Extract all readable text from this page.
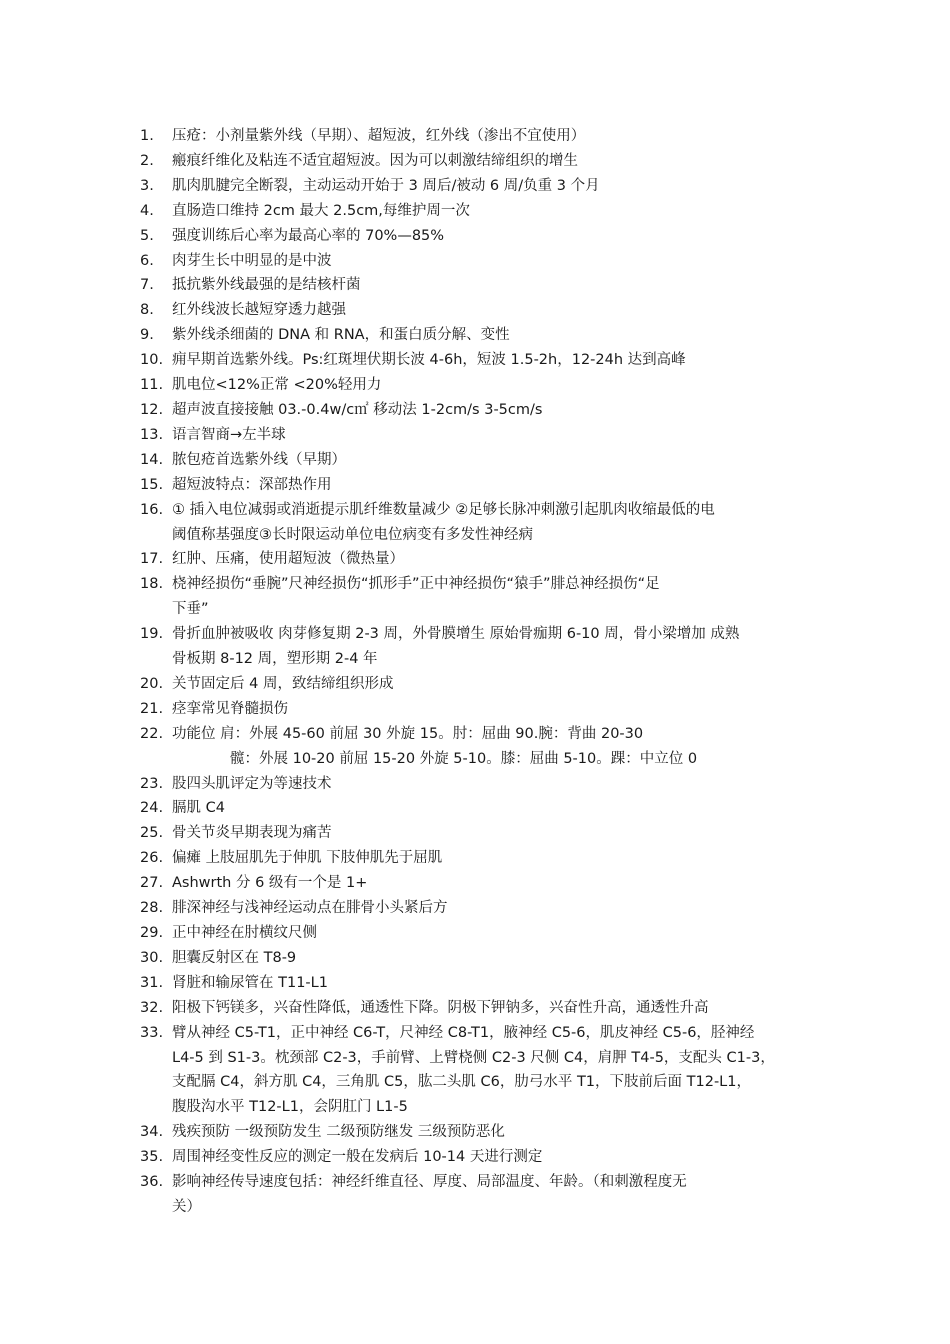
1.	压疮：小剂量紫外线（早期）、超短波，红外线（渗出不宜使用）
2.	瘢痕纤维化及粘连不适宜超短波。因为可以刺激结缔组织的增生
3.	肌肉肌腱完全断裂，主动运动开始于 3 周后/被动 6 周/负重 3 个月
4.	直肠造口维持 2cm 最大 2.5cm,每维护周一次
5.	强度训练后心率为最高心率的 70%—85%
6.	肉芽生长中明显的是中波
7.	抵抗紫外线最强的是结核杆菌
8.	红外线波长越短穿透力越强
9.	紫外线杀细菌的 DNA 和 RNA，和蛋白质分解、变性
10. 痈早期首选紫外线。Ps:红斑埋伏期长波 4-6h，短波 1.5-2h，12-24h 达到高峰
11. 肌电位<12%正常 <20%轻用力
12. 超声波直接接触 03.-0.4w/c㎡ 移动法 1-2cm/s 3-5cm/s
13. 语言智商→左半球
14. 脓包疮首选紫外线（早期）
15. 超短波特点：深部热作用
16. ① 插入电位减弱或消逝提示肌纤维数量减少 ②足够长脉冲刺激引起肌肉收缩最低的电
阈值称基强度③长时限运动单位电位病变有多发性神经病
17. 红肿、压痛，使用超短波（微热量）
18. 桡神经损伤“垂腕”尺神经损伤“抓形手”正中神经损伤“猿手”腓总神经损伤“足
下垂”
19. 骨折血肿被吸收 肉芽修复期 2-3 周，外骨膜增生 原始骨痂期 6-10 周，骨小梁增加 成熟
骨板期 8-12 周，塑形期 2-4 年
20. 关节固定后 4 周，致结缔组织形成
21. 痉挛常见脊髓损伤
22. 功能位 肩：外展 45-60 前屈 30 外旋 15。肘：屈曲 90.腕：背曲 20-30
髋：外展 10-20 前屈 15-20 外旋 5-10。膝：屈曲 5-10。踝：中立位 0
23. 股四头肌评定为等速技术
24. 膈肌 C4
25. 骨关节炎早期表现为痛苦
26. 偏瘫 上肢屈肌先于伸肌 下肢伸肌先于屈肌
27. Ashwrth 分 6 级有一个是 1+
28. 腓深神经与浅神经运动点在腓骨小头紧后方
29. 正中神经在肘横纹尺侧
30. 胆囊反射区在 T8-9
31. 肾脏和输尿管在 T11-L1
32. 阳极下钙镁多，兴奋性降低，通透性下降。阴极下钾钠多，兴奋性升高，通透性升高
33. 臂从神经 C5-T1，正中神经 C6-T，尺神经 C8-T1，腋神经 C5-6，肌皮神经 C5-6，胫神经
L4-5 到 S1-3。枕颈部 C2-3，手前臂、上臂桡侧 C2-3 尺侧 C4，肩胛 T4-5，支配头 C1-3，
支配膈 C4，斜方肌 C4，三角肌 C5，肱二头肌 C6，肋弓水平 T1，下肢前后面 T12-L1，
腹股沟水平 T12-L1，会阴肛门 L1-5
34. 残疾预防 一级预防发生 二级预防继发 三级预防恶化
35. 周围神经变性反应的测定一般在发病后 10-14 天进行测定
36. 影响神经传导速度包括：神经纤维直径、厚度、局部温度、年龄。（和刺激程度无
关）
